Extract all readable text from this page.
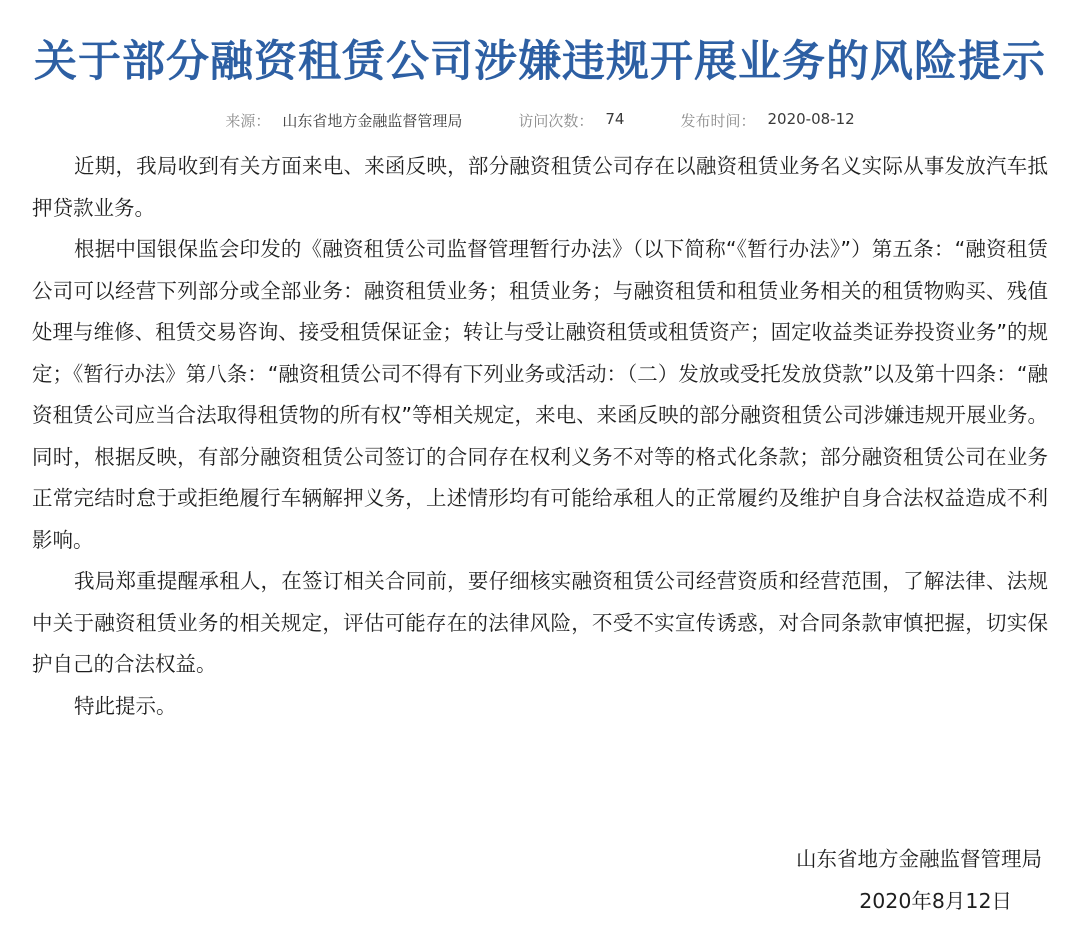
关于部分融资租赁公司涉嫌违规开展业务的风险提示
来源： 山东省地方金融监督管理局	访问次数： 74	发布时间： 2020-08-12

近期，我局收到有关方面来电、来函反映，部分融资租赁公司存在以融资租赁业务名义实际从事发放汽车抵押贷款业务。

根据中国银保监会印发的《融资租赁公司监督管理暂行办法》（以下简称“《暂行办法》”）第五条：“融资租赁公司可以经营下列部分或全部业务：融资租赁业务；租赁业务；与融资租赁和租赁业务相关的租赁物购买、残值处理与维修、租赁交易咨询、接受租赁保证金；转让与受让融资租赁或租赁资产；固定收益类证券投资业务”的规定；《暂行办法》第八条：“融资租赁公司不得有下列业务或活动：（二）发放或受托发放贷款”以及第十四条：“融资租赁公司应当合法取得租赁物的所有权”等相关规定，来电、来函反映的部分融资租赁公司涉嫌违规开展业务。同时，根据反映，有部分融资租赁公司签订的合同存在权利义务不对等的格式化条款；部分融资租赁公司在业务正常完结时怠于或拒绝履行车辆解押义务，上述情形均有可能给承租人的正常履约及维护自身合法权益造成不利影响。

我局郑重提醒承租人，在签订相关合同前，要仔细核实融资租赁公司经营资质和经营范围，了解法律、法规中关于融资租赁业务的相关规定，评估可能存在的法律风险，不受不实宣传诱惑，对合同条款审慎把握，切实保护自己的合法权益。

特此提示。

山东省地方金融监督管理局
2020年8月12日
